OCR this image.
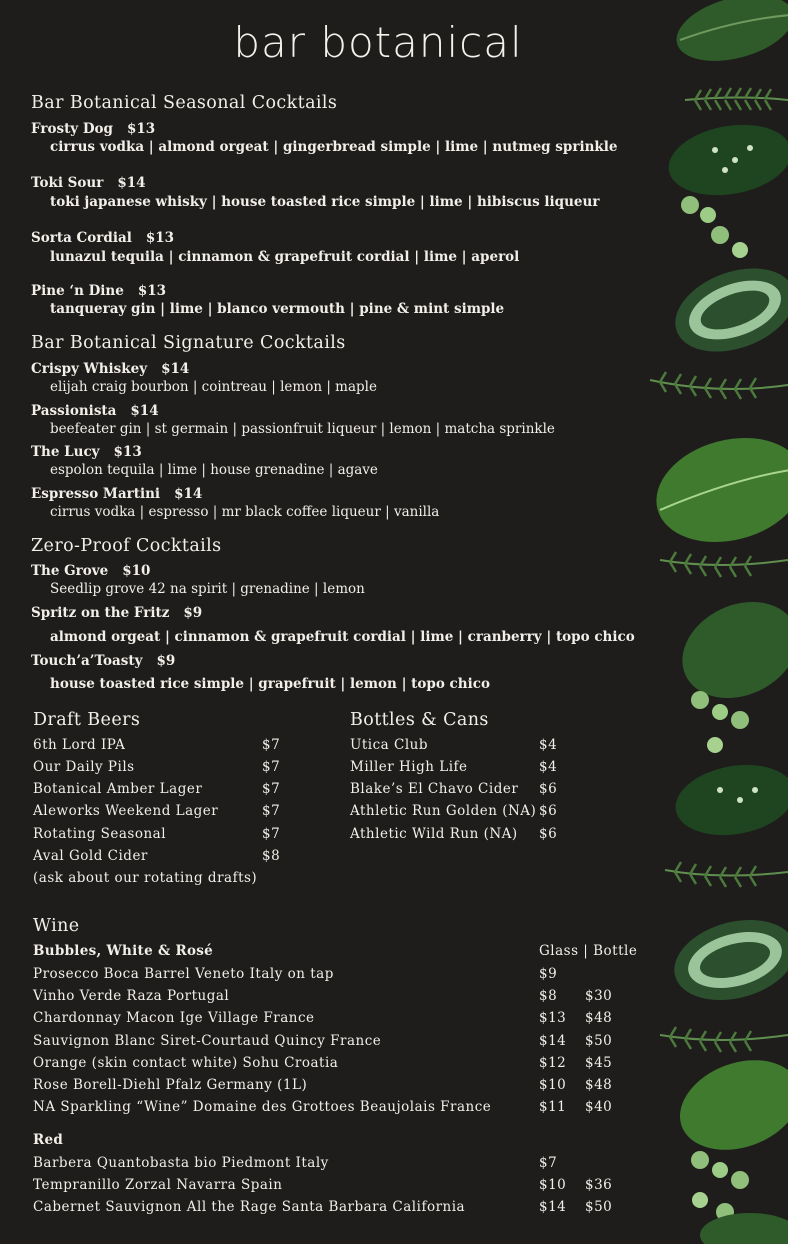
bar botanical
Bar Botanical Seasonal Cocktails
Frosty Dog $13
cirrus vodka | almond orgeat | gingerbread simple | lime | nutmeg sprinkle
Toki Sour $14
toki japanese whisky | house toasted rice simple | lime | hibiscus liqueur
Sorta Cordial $13
lunazul tequila | cinnamon & grapefruit cordial | lime | aperol
Pine ‘n Dine $13
tanqueray gin | lime | blanco vermouth | pine & mint simple
Bar Botanical Signature Cocktails
Crispy Whiskey $14
elijah craig bourbon | cointreau | lemon | maple
Passionista $14
beefeater gin | st germain | passionfruit liqueur | lemon | matcha sprinkle
The Lucy $13
espolon tequila | lime | house grenadine | agave
Espresso Martini $14
cirrus vodka | espresso | mr black coffee liqueur | vanilla
Zero-Proof Cocktails
The Grove $10
Seedlip grove 42 na spirit | grenadine | lemon
Spritz on the Fritz $9
almond orgeat | cinnamon & grapefruit cordial | lime | cranberry | topo chico
Touch’a’Toasty $9
house toasted rice simple | grapefruit | lemon | topo chico
Draft Beers
6th Lord IPA	$7
Our Daily Pils	$7
Botanical Amber Lager	$7
Aleworks Weekend Lager	$7
Rotating Seasonal	$7
Aval Gold Cider	$8
(ask about our rotating drafts)
Bottles & Cans
Utica Club	$4
Miller High Life	$4
Blake’s El Chavo Cider $6
Athletic Run Golden (NA) $6
Athletic Wild Run (NA) $6
Wine
Bubbles, White & Rosé	Glass | Bottle
Prosecco Boca Barrel Veneto Italy on tap	$9
Vinho Verde Raza Portugal	$8 $30
Chardonnay Macon Ige Village France	$13 $48
Sauvignon Blanc Siret-Courtaud Quincy France	$14 $50
Orange (skin contact white) Sohu Croatia	$12 $45
Rose Borell-Diehl Pfalz Germany (1L)	$10 $48
NA Sparkling “Wine” Domaine des Grottoes Beaujolais France	$11 $40
Red
Barbera Quantobasta bio Piedmont Italy	$7
Tempranillo Zorzal Navarra Spain	$10 $36
Cabernet Sauvignon All the Rage Santa Barbara California	$14 $50
